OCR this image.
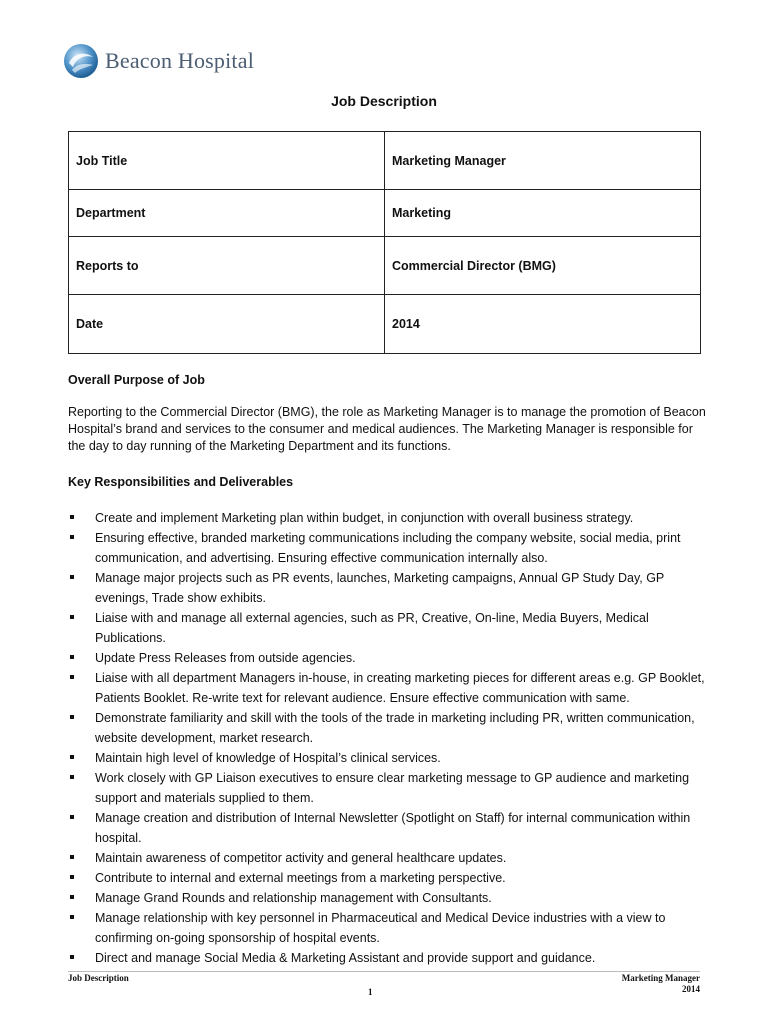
Beacon Hospital
Job Description
Job Title	Marketing Manager
Department	Marketing
Reports to	Commercial Director (BMG)
Date	2014
Overall Purpose of Job
Reporting to the Commercial Director (BMG), the role as Marketing Manager is to manage the promotion of Beacon Hospital’s brand and services to the consumer and medical audiences. The Marketing Manager is responsible for the day to day running of the Marketing Department and its functions.
Key Responsibilities and Deliverables
Create and implement Marketing plan within budget, in conjunction with overall business strategy.
Ensuring effective, branded marketing communications including the company website, social media, print communication, and advertising. Ensuring effective communication internally also.
Manage major projects such as PR events, launches, Marketing campaigns, Annual GP Study Day, GP evenings, Trade show exhibits.
Liaise with and manage all external agencies, such as PR, Creative, On-line, Media Buyers, Medical Publications.
Update Press Releases from outside agencies.
Liaise with all department Managers in-house, in creating marketing pieces for different areas e.g. GP Booklet, Patients Booklet. Re-write text for relevant audience. Ensure effective communication with same.
Demonstrate familiarity and skill with the tools of the trade in marketing including PR, written communication, website development, market research.
Maintain high level of knowledge of Hospital’s clinical services.
Work closely with GP Liaison executives to ensure clear marketing message to GP audience and marketing support and materials supplied to them.
Manage creation and distribution of Internal Newsletter (Spotlight on Staff) for internal communication within hospital.
Maintain awareness of competitor activity and general healthcare updates.
Contribute to internal and external meetings from a marketing perspective.
Manage Grand Rounds and relationship management with Consultants.
Manage relationship with key personnel in Pharmaceutical and Medical Device industries with a view to confirming on-going sponsorship of hospital events.
Direct and manage Social Media & Marketing Assistant and provide support and guidance.
Job Description	Marketing Manager
2014
1
